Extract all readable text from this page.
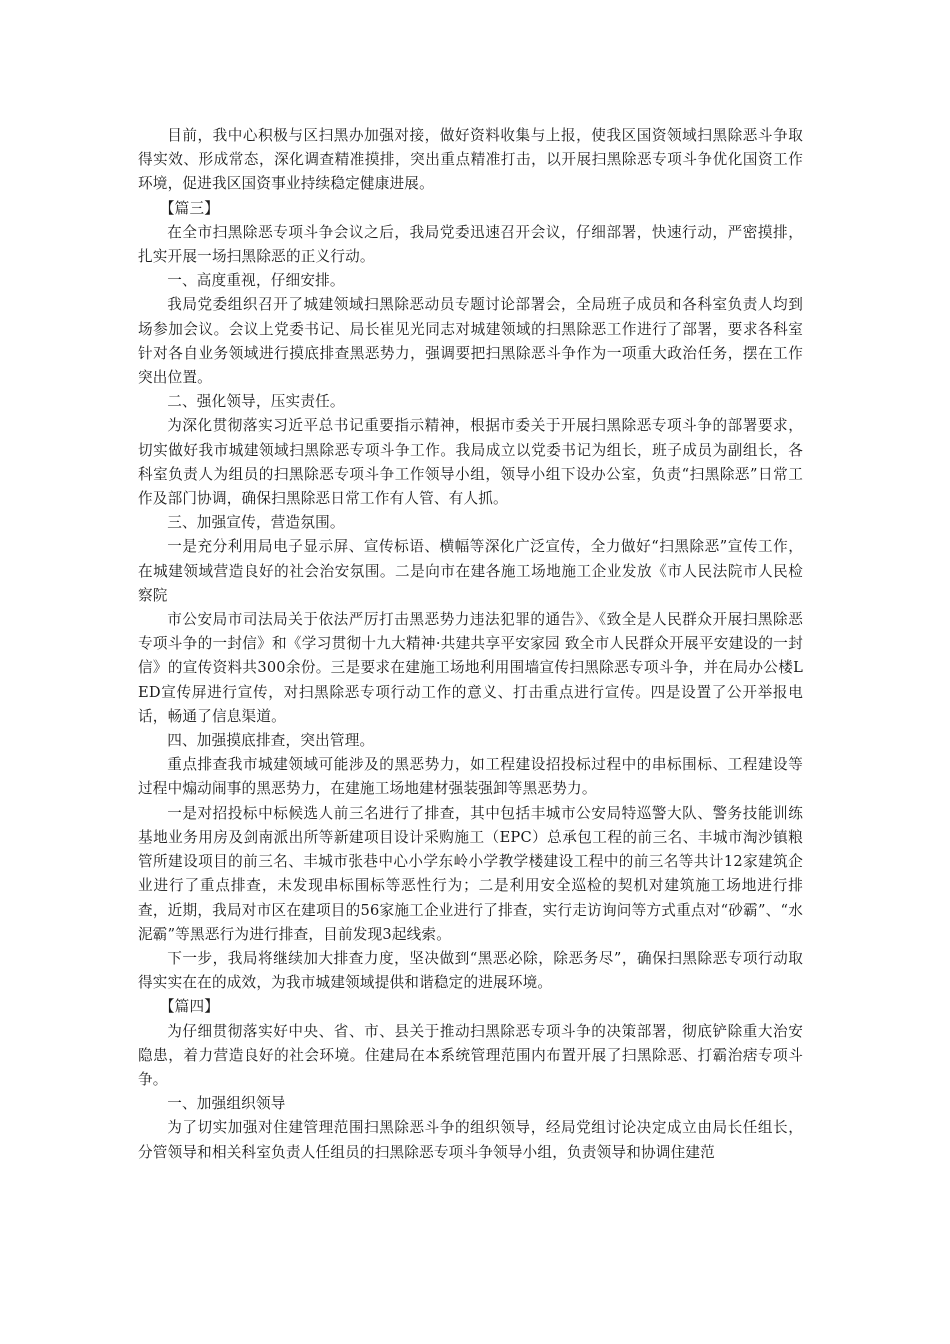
目前，我中心积极与区扫黑办加强对接，做好资料收集与上报，使我区国资领域扫黑除恶斗争取得实效、形成常态，深化调查精准摸排，突出重点精准打击，以开展扫黑除恶专项斗争优化国资工作环境，促进我区国资事业持续稳定健康进展。

【篇三】

在全市扫黑除恶专项斗争会议之后，我局党委迅速召开会议，仔细部署，快速行动，严密摸排，扎实开展一场扫黑除恶的正义行动。

一、高度重视，仔细安排。

我局党委组织召开了城建领域扫黑除恶动员专题讨论部署会，全局班子成员和各科室负责人均到场参加会议。会议上党委书记、局长崔见光同志对城建领域的扫黑除恶工作进行了部署，要求各科室针对各自业务领域进行摸底排查黑恶势力，强调要把扫黑除恶斗争作为一项重大政治任务，摆在工作突出位置。

二、强化领导，压实责任。

为深化贯彻落实习近平总书记重要指示精神，根据市委关于开展扫黑除恶专项斗争的部署要求，切实做好我市城建领域扫黑除恶专项斗争工作。我局成立以党委书记为组长，班子成员为副组长，各科室负责人为组员的扫黑除恶专项斗争工作领导小组，领导小组下设办公室，负责“扫黑除恶”日常工作及部门协调，确保扫黑除恶日常工作有人管、有人抓。

三、加强宣传，营造氛围。

一是充分利用局电子显示屏、宣传标语、横幅等深化广泛宣传，全力做好“扫黑除恶”宣传工作，在城建领域营造良好的社会治安氛围。二是向市在建各施工场地施工企业发放《市人民法院市人民检察院

市公安局市司法局关于依法严厉打击黑恶势力违法犯罪的通告》、《致全是人民群众开展扫黑除恶专项斗争的一封信》和《学习贯彻十九大精神·共建共享平安家园 致全市人民群众开展平安建设的一封信》的宣传资料共300余份。三是要求在建施工场地利用围墙宣传扫黑除恶专项斗争，并在局办公楼LED宣传屏进行宣传，对扫黑除恶专项行动工作的意义、打击重点进行宣传。四是设置了公开举报电话，畅通了信息渠道。

四、加强摸底排查，突出管理。

重点排查我市城建领域可能涉及的黑恶势力，如工程建设招投标过程中的串标围标、工程建设等过程中煽动闹事的黑恶势力，在建施工场地建材强装强卸等黑恶势力。

一是对招投标中标候选人前三名进行了排查，其中包括丰城市公安局特巡警大队、警务技能训练基地业务用房及剑南派出所等新建项目设计采购施工（EPC）总承包工程的前三名、丰城市淘沙镇粮管所建设项目的前三名、丰城市张巷中心小学东岭小学教学楼建设工程中的前三名等共计12家建筑企业进行了重点排查，未发现串标围标等恶性行为；二是利用安全巡检的契机对建筑施工场地进行排查，近期，我局对市区在建项目的56家施工企业进行了排查，实行走访询问等方式重点对“砂霸”、“水泥霸”等黑恶行为进行排查，目前发现3起线索。

下一步，我局将继续加大排查力度，坚决做到“黑恶必除，除恶务尽”，确保扫黑除恶专项行动取得实实在在的成效，为我市城建领域提供和谐稳定的进展环境。

【篇四】

为仔细贯彻落实好中央、省、市、县关于推动扫黑除恶专项斗争的决策部署，彻底铲除重大治安隐患，着力营造良好的社会环境。住建局在本系统管理范围内布置开展了扫黑除恶、打霸治痞专项斗争。

一、加强组织领导

为了切实加强对住建管理范围扫黑除恶斗争的组织领导，经局党组讨论决定成立由局长任组长，分管领导和相关科室负责人任组员的扫黑除恶专项斗争领导小组，负责领导和协调住建范
